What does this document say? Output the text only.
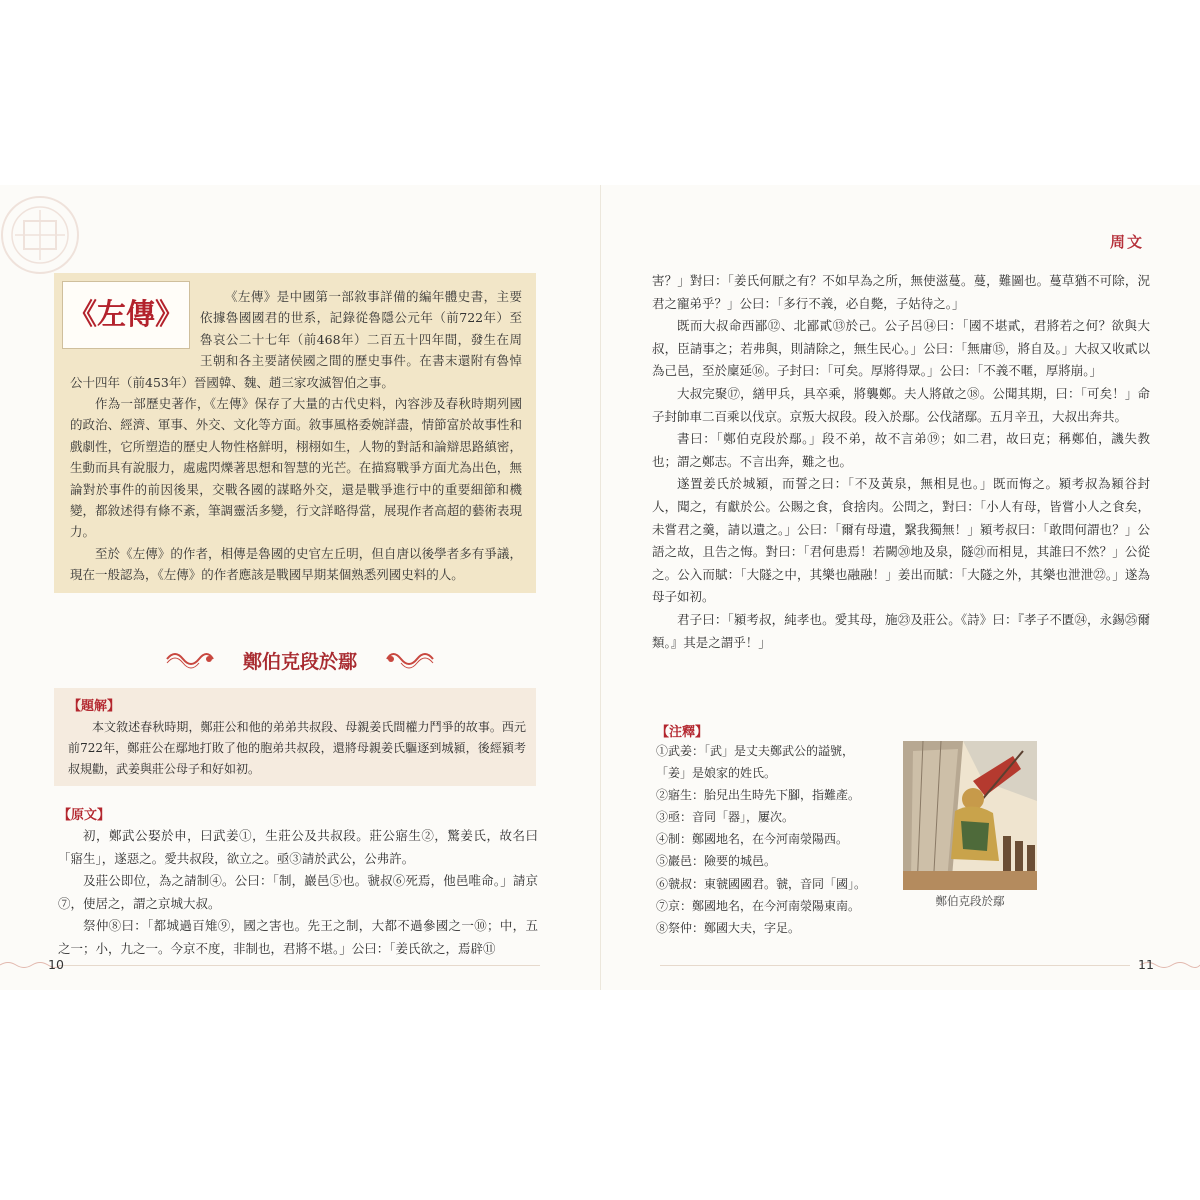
周文

《左傳》是中國第一部敘事詳備的編年體史書，主要依據魯國國君的世系，記錄從魯隱公元年（前722年）至魯哀公二十七年（前468年）二百五十四年間，發生在周王朝和各主要諸侯國之間的歷史事件。在書末還附有魯悼公十四年（前453年）晉國韓、魏、趙三家攻滅智伯之事。

作為一部歷史著作，《左傳》保存了大量的古代史料，內容涉及春秋時期列國的政治、經濟、軍事、外交、文化等方面。敘事風格委婉詳盡，情節富於故事性和戲劇性，它所塑造的歷史人物性格鮮明，栩栩如生，人物的對話和論辯思路縝密，生動而具有說服力，處處閃爍著思想和智慧的光芒。在描寫戰爭方面尤為出色，無論對於事件的前因後果，交戰各國的謀略外交，還是戰爭進行中的重要細節和機變，都敘述得有條不紊，筆調靈活多變，行文詳略得當，展現作者高超的藝術表現力。

至於《左傳》的作者，相傳是魯國的史官左丘明，但自唐以後學者多有爭議，現在一般認為，《左傳》的作者應該是戰國早期某個熟悉列國史料的人。

《左傳》
鄭伯克段於鄢
【題解】

本文敘述春秋時期，鄭莊公和他的弟弟共叔段、母親姜氏間權力鬥爭的故事。西元前722年，鄭莊公在鄢地打敗了他的胞弟共叔段，還將母親姜氏驅逐到城潁，後經潁考叔規勸，武姜與莊公母子和好如初。

【原文】

初，鄭武公娶於申，曰武姜①，生莊公及共叔段。莊公寤生②，驚姜氏，故名曰「寤生」，遂惡之。愛共叔段，欲立之。亟③請於武公，公弗許。

及莊公即位，為之請制④。公曰：「制，巖邑⑤也。虢叔⑥死焉，他邑唯命。」請京⑦，使居之，謂之京城大叔。

祭仲⑧曰：「都城過百雉⑨，國之害也。先王之制，大都不過參國之一⑩；中，五之一；小，九之一。今京不度，非制也，君將不堪。」公曰：「姜氏欲之，焉辟⑪

害？」對曰：「姜氏何厭之有？不如早為之所，無使滋蔓。蔓，難圖也。蔓草猶不可除，況君之寵弟乎？」公曰：「多行不義，必自斃，子姑待之。」

既而大叔命西鄙⑫、北鄙貳⑬於己。公子呂⑭曰：「國不堪貳，君將若之何？欲與大叔，臣請事之；若弗與，則請除之，無生民心。」公曰：「無庸⑮，將自及。」大叔又收貳以為己邑，至於廩延⑯。子封曰：「可矣。厚將得眾。」公曰：「不義不暱，厚將崩。」

大叔完聚⑰，繕甲兵，具卒乘，將襲鄭。夫人將啟之⑱。公聞其期，曰：「可矣！」命子封帥車二百乘以伐京。京叛大叔段。段入於鄢。公伐諸鄢。五月辛丑，大叔出奔共。

書曰：「鄭伯克段於鄢。」段不弟，故不言弟⑲；如二君，故曰克；稱鄭伯，譏失教也；謂之鄭志。不言出奔，難之也。

遂置姜氏於城潁，而誓之曰：「不及黃泉，無相見也。」既而悔之。潁考叔為潁谷封人，聞之，有獻於公。公賜之食，食捨肉。公問之，對曰：「小人有母，皆嘗小人之食矣，未嘗君之羹，請以遺之。」公曰：「爾有母遺，繄我獨無！」潁考叔曰：「敢問何謂也？」公語之故，且告之悔。對曰：「君何患焉！若闕⑳地及泉，隧㉑而相見，其誰曰不然？」公從之。公入而賦：「大隧之中，其樂也融融！」姜出而賦：「大隧之外，其樂也泄泄㉒。」遂為母子如初。

君子曰：「潁考叔，純孝也。愛其母，施㉓及莊公。《詩》曰：『孝子不匱㉔，永錫㉕爾類。』其是之謂乎！」

【注釋】
①武姜：「武」是丈夫鄭武公的謚號，
「姜」是娘家的姓氏。
②寤生：胎兒出生時先下腳，指難產。
③亟：音同「器」，屢次。
④制：鄭國地名，在今河南滎陽西。
⑤巖邑：險要的城邑。
⑥虢叔：東虢國國君。虢，音同「國」。
⑦京：鄭國地名，在今河南滎陽東南。
⑧祭仲：鄭國大夫，字足。
鄭伯克段於鄢
10	11
